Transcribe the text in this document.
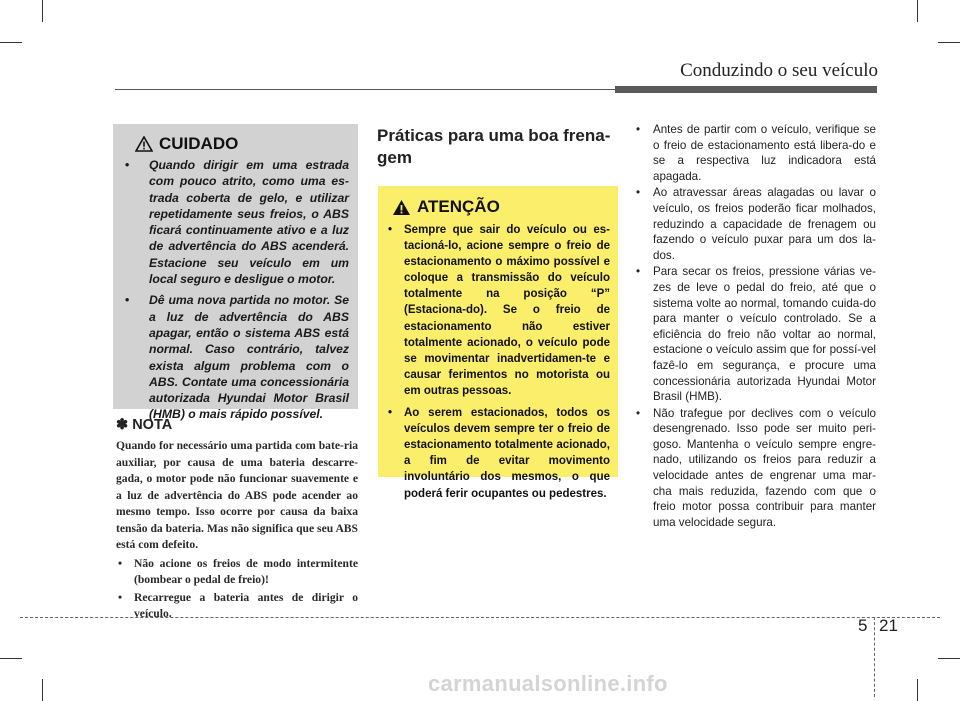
Conduzindo o seu veículo
CUIDADO
• Quando dirigir em uma estrada com pouco atrito, como uma es-trada coberta de gelo, e utilizar repetidamente seus freios, o ABS ficará continuamente ativo e a luz de advertência do ABS acenderá. Estacione seu veículo em um local seguro e desligue o motor.
• Dê uma nova partida no motor. Se a luz de advertência do ABS apagar, então o sistema ABS está normal. Caso contrário, talvez exista algum problema com o ABS. Contate uma concessionária autorizada Hyundai Motor Brasil (HMB) o mais rápido possível.
✽ NOTA
Quando for necessário uma partida com bate-ria auxiliar, por causa de uma bateria descarre-gada, o motor pode não funcionar suavemente e a luz de advertência do ABS pode acender ao mesmo tempo. Isso ocorre por causa da baixa tensão da bateria. Mas não significa que seu ABS está com defeito.
• Não acione os freios de modo intermitente (bombear o pedal de freio)!
• Recarregue a bateria antes de dirigir o veículo.
Práticas para uma boa frena-gem
ATENÇÃO
• Sempre que sair do veículo ou es-tacioná-lo, acione sempre o freio de estacionamento o máximo possível e coloque a transmissão do veículo totalmente na posição “P” (Estaciona-do). Se o freio de estacionamento não estiver totalmente acionado, o veículo pode se movimentar inadvertidamen-te e causar ferimentos no motorista ou em outras pessoas.
• Ao serem estacionados, todos os veículos devem sempre ter o freio de estacionamento totalmente acionado, a fim de evitar movimento involuntário dos mesmos, o que poderá ferir ocupantes ou pedestres.
• Antes de partir com o veículo, verifique se o freio de estacionamento está libera-do e se a respectiva luz indicadora está apagada.
• Ao atravessar áreas alagadas ou lavar o veículo, os freios poderão ficar molhados, reduzindo a capacidade de frenagem ou fazendo o veículo puxar para um dos la-dos.
• Para secar os freios, pressione várias ve-zes de leve o pedal do freio, até que o sistema volte ao normal, tomando cuida-do para manter o veículo controlado. Se a eficiência do freio não voltar ao normal, estacione o veículo assim que for possí-vel fazê-lo em segurança, e procure uma concessionária autorizada Hyundai Motor Brasil (HMB).
• Não trafegue por declives com o veículo desengrenado. Isso pode ser muito peri-goso. Mantenha o veículo sempre engre-nado, utilizando os freios para reduzir a velocidade antes de engrenar uma mar-cha mais reduzida, fazendo com que o freio motor possa contribuir para manter uma velocidade segura.
5 21
carmanualsonline.info
